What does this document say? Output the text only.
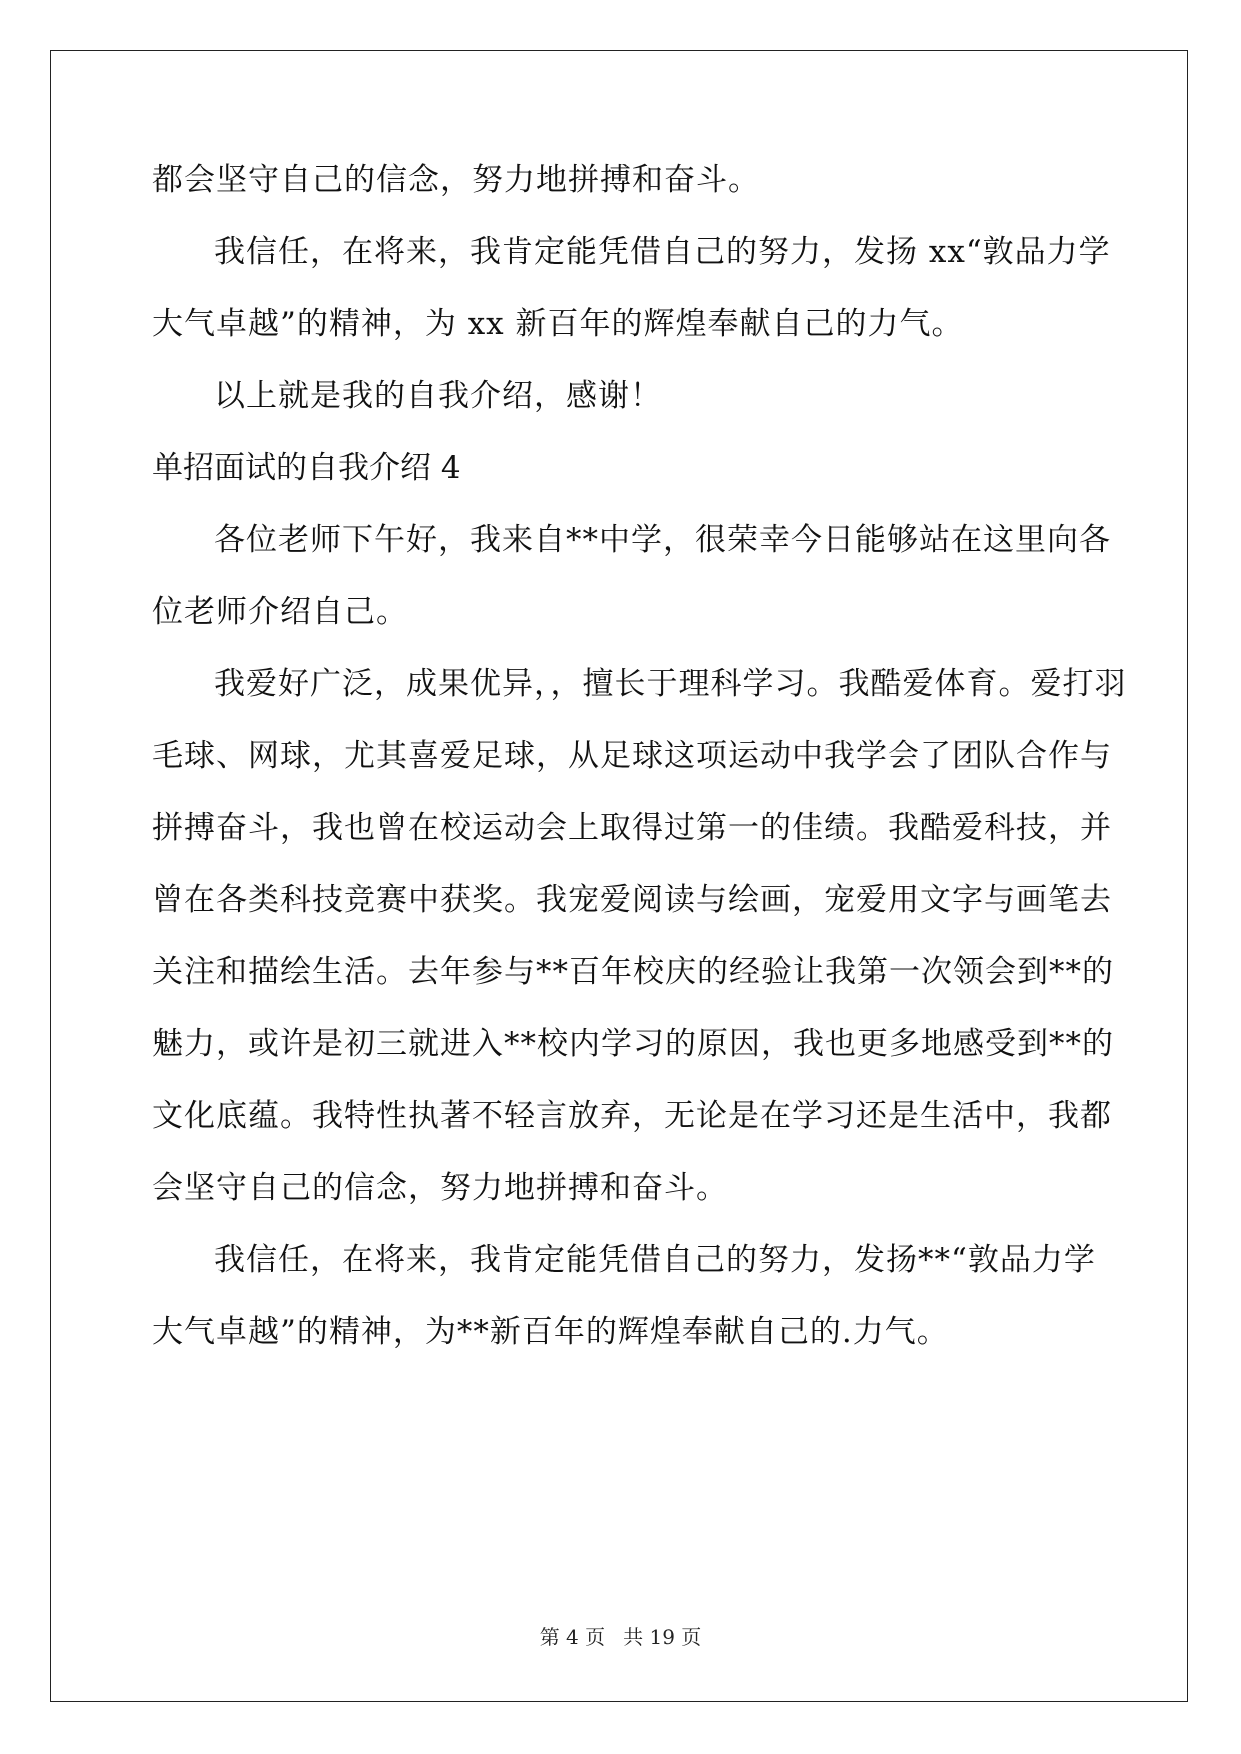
都会坚守自己的信念，努力地拼搏和奋斗。
我信任，在将来，我肯定能凭借自己的努力，发扬 xx“敦品力学
大气卓越”的精神，为 xx 新百年的辉煌奉献自己的力气。
以上就是我的自我介绍，感谢！
单招面试的自我介绍 4
各位老师下午好，我来自**中学，很荣幸今日能够站在这里向各
位老师介绍自己。
我爱好广泛，成果优异，，擅长于理科学习。我酷爱体育。爱打羽
毛球、网球，尤其喜爱足球，从足球这项运动中我学会了团队合作与
拼搏奋斗，我也曾在校运动会上取得过第一的佳绩。我酷爱科技，并
曾在各类科技竞赛中获奖。我宠爱阅读与绘画，宠爱用文字与画笔去
关注和描绘生活。去年参与**百年校庆的经验让我第一次领会到**的
魅力，或许是初三就进入**校内学习的原因，我也更多地感受到**的
文化底蕴。我特性执著不轻言放弃，无论是在学习还是生活中，我都
会坚守自己的信念，努力地拼搏和奋斗。
我信任，在将来，我肯定能凭借自己的努力，发扬**“敦品力学
大气卓越”的精神，为**新百年的辉煌奉献自己的.力气。
第 4 页 共 19 页
